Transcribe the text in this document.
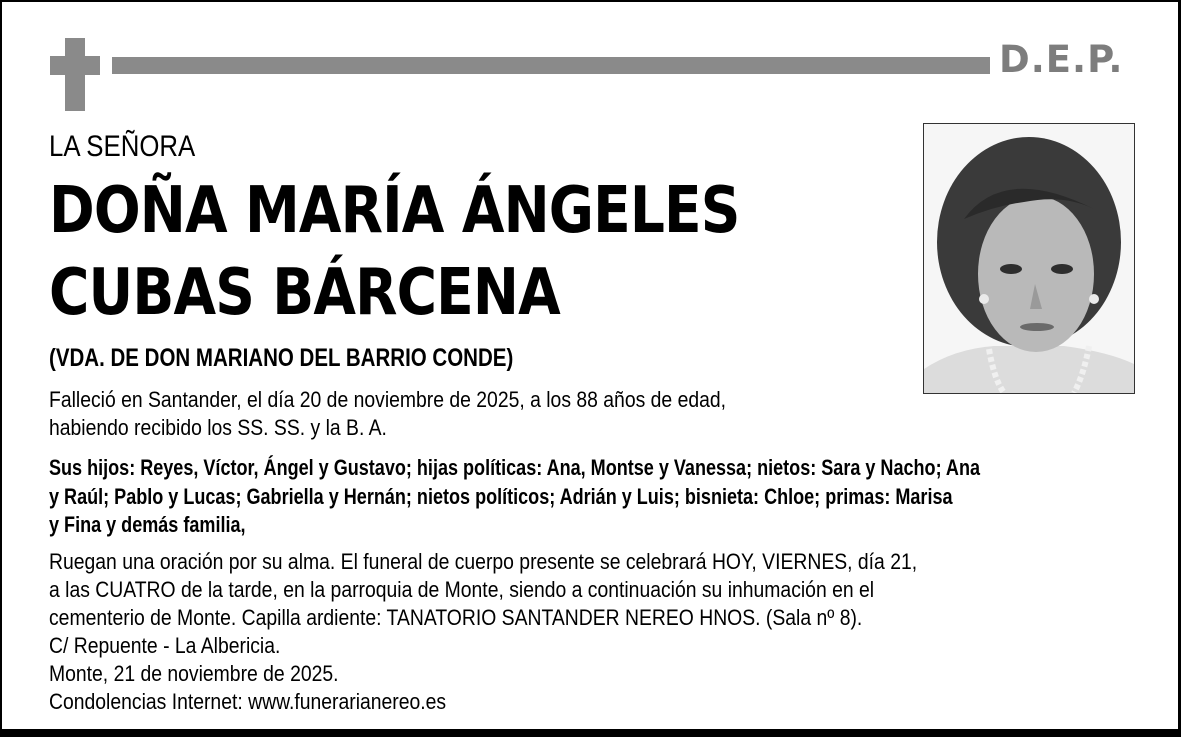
D.E.P.
LA SEÑORA
DOÑA MARÍA ÁNGELES
CUBAS BÁRCENA
(VDA. DE DON MARIANO DEL BARRIO CONDE)
Falleció en Santander, el día 20 de noviembre de 2025, a los 88 años de edad,
habiendo recibido los SS. SS. y la B. A.
Sus hijos: Reyes, Víctor, Ángel y Gustavo; hijas políticas: Ana, Montse y Vanessa; nietos: Sara y Nacho; Ana
y Raúl; Pablo y Lucas; Gabriella y Hernán; nietos políticos; Adrián y Luis; bisnieta: Chloe; primas: Marisa
y Fina y demás familia,
Ruegan una oración por su alma. El funeral de cuerpo presente se celebrará HOY, VIERNES, día 21,
a las CUATRO de la tarde, en la parroquia de Monte, siendo a continuación su inhumación en el
cementerio de Monte. Capilla ardiente: TANATORIO SANTANDER NEREO HNOS. (Sala nº 8).
C/ Repuente - La Albericia.
Monte, 21 de noviembre de 2025.
Condolencias Internet: www.funerarianereo.es
